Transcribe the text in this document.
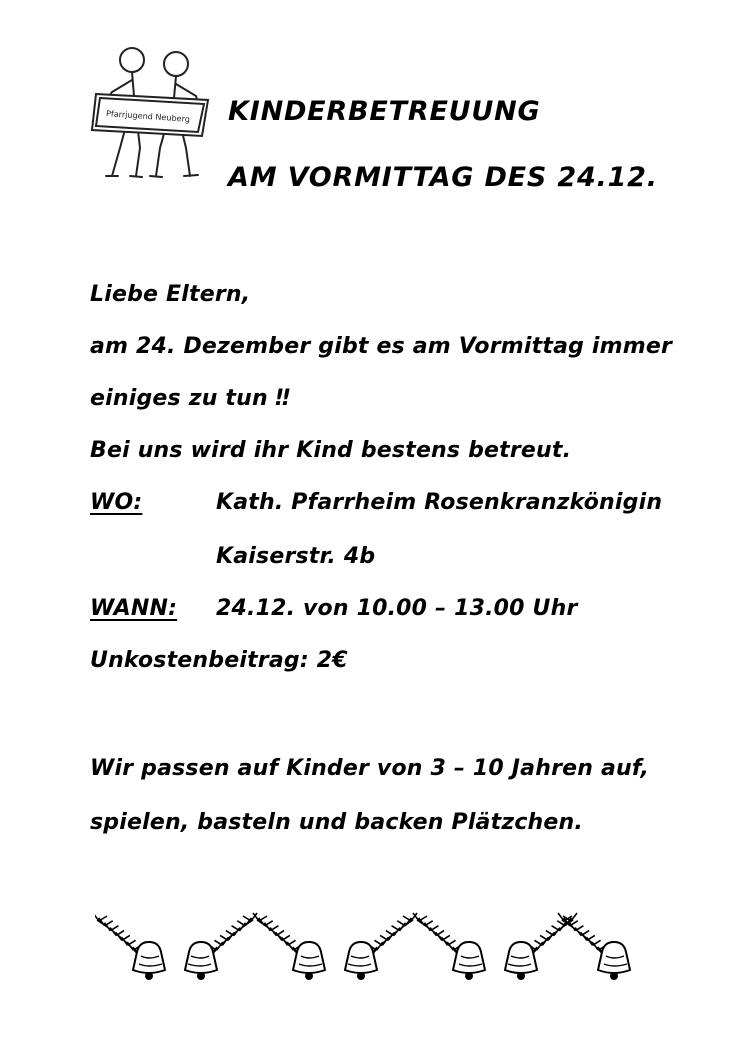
Pfarrjugend Neuberg KINDERBETREUUNG
AM VORMITTAG DES 24.12.
Liebe Eltern,
am 24. Dezember gibt es am Vormittag immer
einiges zu tun ‼
Bei uns wird ihr Kind bestens betreut.
WO:	Kath. Pfarrheim Rosenkranzkönigin
Kaiserstr. 4b
WANN: 24.12. von 10.00 – 13.00 Uhr
Unkostenbeitrag: 2€
Wir passen auf Kinder von 3 – 10 Jahren auf,
spielen, basteln und backen Plätzchen.
